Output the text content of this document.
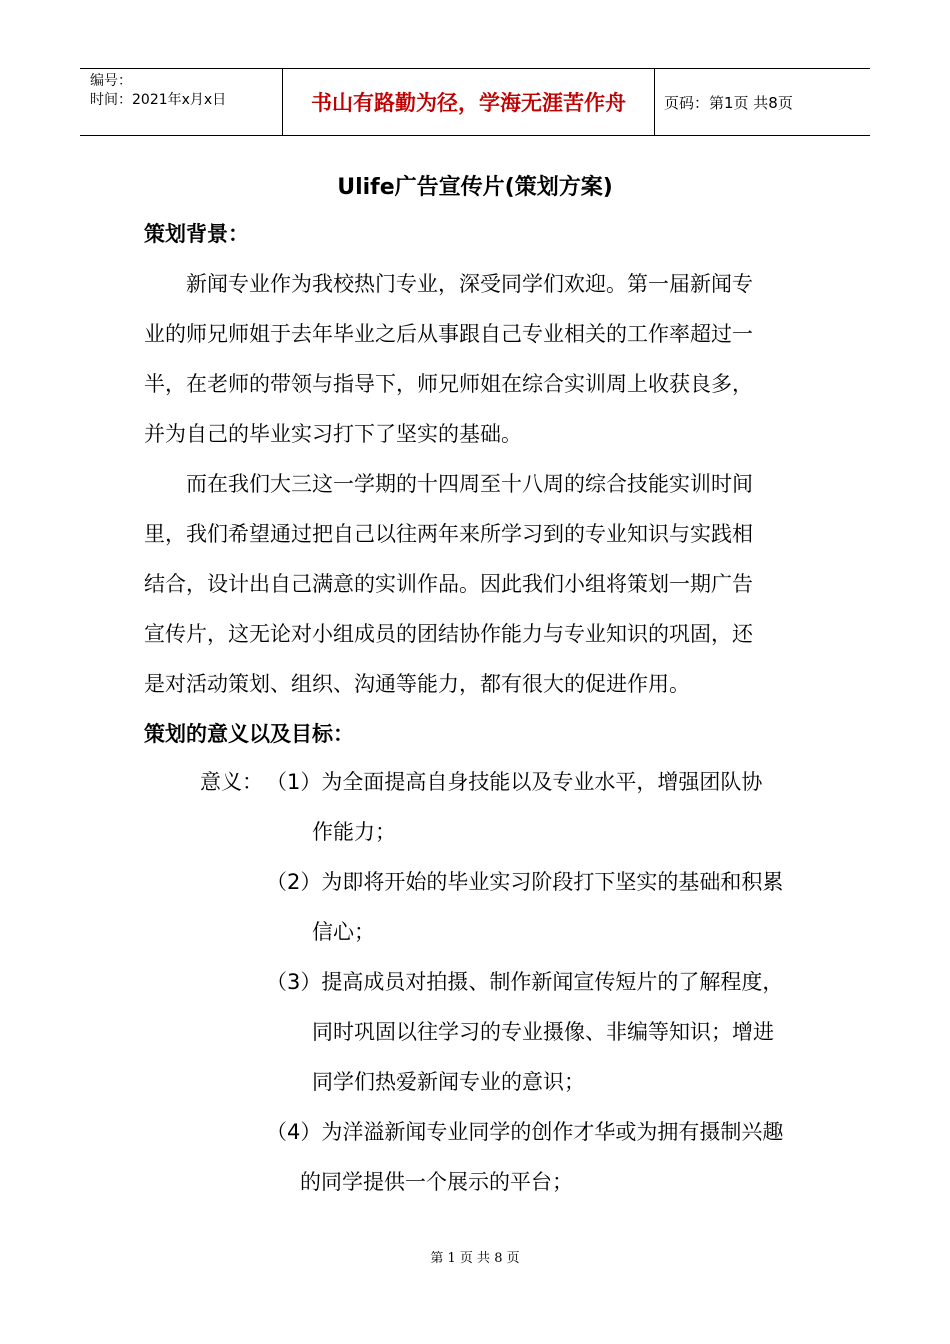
编号：
时间：2021年x月x日	书山有路勤为径，学海无涯苦作舟	页码：第1页 共8页
Ulife广告宣传片(策划方案)
策划背景：
新闻专业作为我校热门专业，深受同学们欢迎。第一届新闻专
业的师兄师姐于去年毕业之后从事跟自己专业相关的工作率超过一
半，在老师的带领与指导下，师兄师姐在综合实训周上收获良多，
并为自己的毕业实习打下了坚实的基础。
而在我们大三这一学期的十四周至十八周的综合技能实训时间
里，我们希望通过把自己以往两年来所学习到的专业知识与实践相
结合，设计出自己满意的实训作品。因此我们小组将策划一期广告
宣传片，这无论对小组成员的团结协作能力与专业知识的巩固，还
是对活动策划、组织、沟通等能力，都有很大的促进作用。
策划的意义以及目标：
意义： （1）为全面提高自身技能以及专业水平，增强团队协
作能力；
（2）为即将开始的毕业实习阶段打下坚实的基础和积累
信心；
（3）提高成员对拍摄、制作新闻宣传短片的了解程度，
同时巩固以往学习的专业摄像、非编等知识；增进
同学们热爱新闻专业的意识；
（4）为洋溢新闻专业同学的创作才华或为拥有摄制兴趣
的同学提供一个展示的平台；
第 1 页 共 8 页
